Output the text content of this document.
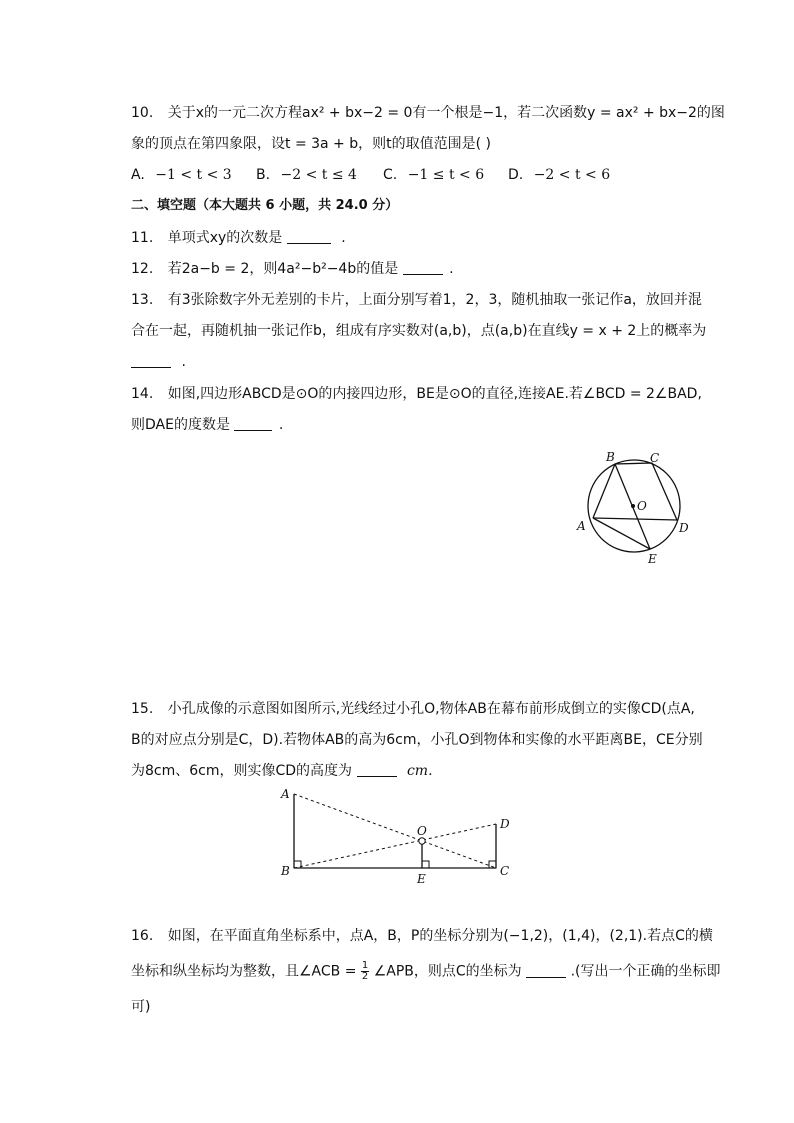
10. 关于x的一元二次方程ax² + bx−2 = 0有一个根是−1，若二次函数y = ax² + bx−2的图
象的顶点在第四象限，设t = 3a + b，则t的取值范围是( )
A. −1 < t < 3 B. −2 < t ≤ 4 C. −1 ≤ t < 6 D. −2 < t < 6
二、填空题（本大题共 6 小题，共 24.0 分）
11. 单项式xy的次数是	.
12. 若2a−b = 2，则4a²−b²−4b的值是	.
13. 有3张除数字外无差别的卡片，上面分别写着1，2，3，随机抽取一张记作a，放回并混
合在一起，再随机抽一张记作b，组成有序实数对(a,b)，点(a,b)在直线y = x + 2上的概率为
.
14. 如图,四边形ABCD是⊙O的内接四边形，BE是⊙O的直径,连接AE.若∠BCD = 2∠BAD,
则DAE的度数是	.
B	C
O
A	D
E
15. 小孔成像的示意图如图所示,光线经过小孔O,物体AB在幕布前形成倒立的实像CD(点A,
B的对应点分别是C，D).若物体AB的高为6cm，小孔O到物体和实像的水平距离BE，CE分别
为8cm、6cm，则实像CD的高度为	cm.
A
B
O	D
C
E
16. 如图，在平面直角坐标系中，点A，B，P的坐标分别为(−1,2)，(1,4)，(2,1).若点C的横
坐标和纵坐标均为整数，且∠ACB = $\frac{1}{2}$ ∠APB，则点C的坐标为	.(写出一个正确的坐标即
可)
